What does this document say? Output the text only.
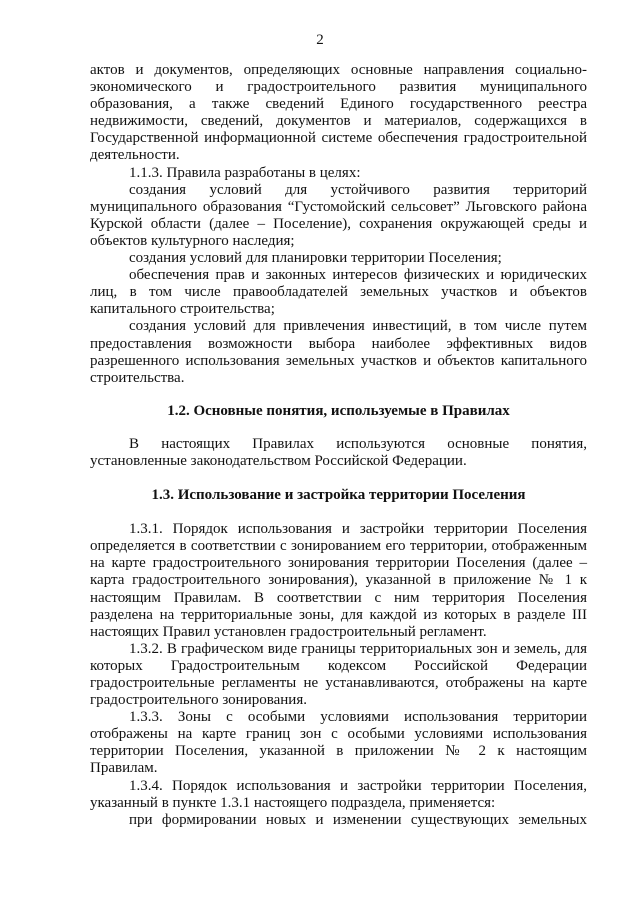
2

актов и документов, определяющих основные направления социально-экономического и градостроительного развития муниципального образования, а также сведений Единого государственного реестра недвижимости, сведений, документов и материалов, содержащихся в Государственной информационной системе обеспечения градостроительной деятельности.

1.1.3. Правила разработаны в целях:

создания условий для устойчивого развития территорий муниципального образования “Густомойский сельсовет” Льговского района Курской области (далее – Поселение), сохранения окружающей среды и объектов культурного наследия;

создания условий для планировки территории Поселения;

обеспечения прав и законных интересов физических и юридических лиц, в том числе правообладателей земельных участков и объектов капитального строительства;

создания условий для привлечения инвестиций, в том числе путем предоставления возможности выбора наиболее эффективных видов разрешенного использования земельных участков и объектов капитального строительства.

1.2. Основные понятия, используемые в Правилах

В настоящих Правилах используются основные понятия, установленные законодательством Российской Федерации.

1.3. Использование и застройка территории Поселения

1.3.1. Порядок использования и застройки территории Поселения определяется в соответствии с зонированием его территории, отображенным на карте градостроительного зонирования территории Поселения (далее – карта градостроительного зонирования), указанной в приложение № 1 к настоящим Правилам. В соответствии с ним территория Поселения разделена на территориальные зоны, для каждой из которых в разделе III настоящих Правил установлен градостроительный регламент.

1.3.2. В графическом виде границы территориальных зон и земель, для которых Градостроительным кодексом Российской Федерации градостроительные регламенты не устанавливаются, отображены на карте градостроительного зонирования.

1.3.3. Зоны с особыми условиями использования территории отображены на карте границ зон с особыми условиями использования территории Поселения, указанной в приложении № 2 к настоящим Правилам.

1.3.4. Порядок использования и застройки территории Поселения, указанный в пункте 1.3.1 настоящего подраздела, применяется:

при формировании новых и изменении существующих земельных
